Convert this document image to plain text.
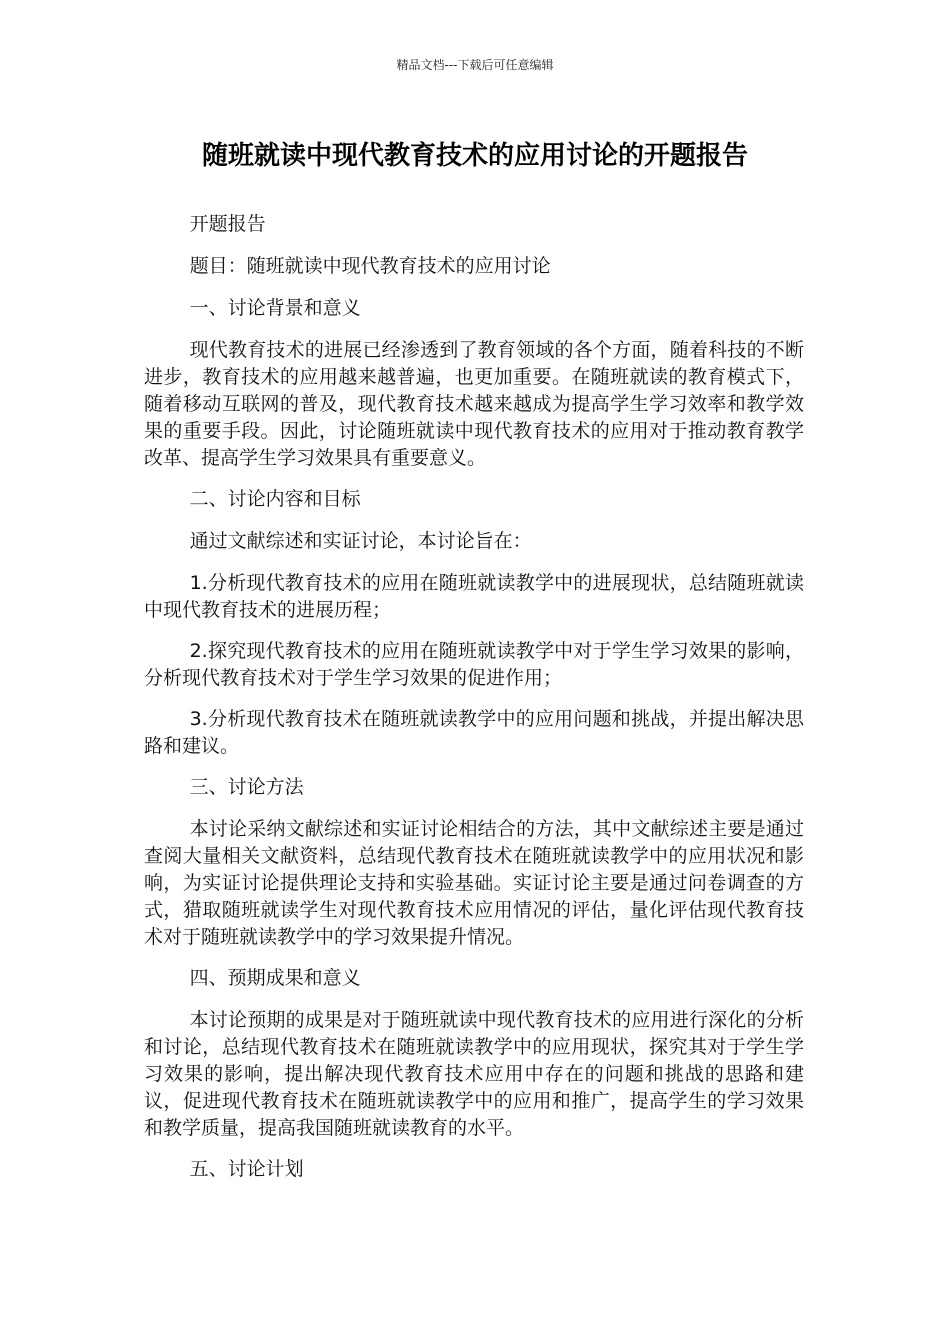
精品文档---下载后可任意编辑

随班就读中现代教育技术的应用讨论的开题报告

开题报告

题目：随班就读中现代教育技术的应用讨论

一、讨论背景和意义

现代教育技术的进展已经渗透到了教育领域的各个方面，随着科技的不断进步，教育技术的应用越来越普遍，也更加重要。在随班就读的教育模式下，随着移动互联网的普及，现代教育技术越来越成为提高学生学习效率和教学效果的重要手段。因此，讨论随班就读中现代教育技术的应用对于推动教育教学改革、提高学生学习效果具有重要意义。

二、讨论内容和目标

通过文献综述和实证讨论，本讨论旨在：

1.分析现代教育技术的应用在随班就读教学中的进展现状，总结随班就读中现代教育技术的进展历程；

2.探究现代教育技术的应用在随班就读教学中对于学生学习效果的影响，分析现代教育技术对于学生学习效果的促进作用；

3.分析现代教育技术在随班就读教学中的应用问题和挑战，并提出解决思路和建议。

三、讨论方法

本讨论采纳文献综述和实证讨论相结合的方法，其中文献综述主要是通过查阅大量相关文献资料，总结现代教育技术在随班就读教学中的应用状况和影响，为实证讨论提供理论支持和实验基础。实证讨论主要是通过问卷调查的方式，猎取随班就读学生对现代教育技术应用情况的评估，量化评估现代教育技术对于随班就读教学中的学习效果提升情况。

四、预期成果和意义

本讨论预期的成果是对于随班就读中现代教育技术的应用进行深化的分析和讨论，总结现代教育技术在随班就读教学中的应用现状，探究其对于学生学习效果的影响，提出解决现代教育技术应用中存在的问题和挑战的思路和建议，促进现代教育技术在随班就读教学中的应用和推广，提高学生的学习效果和教学质量，提高我国随班就读教育的水平。

五、讨论计划
